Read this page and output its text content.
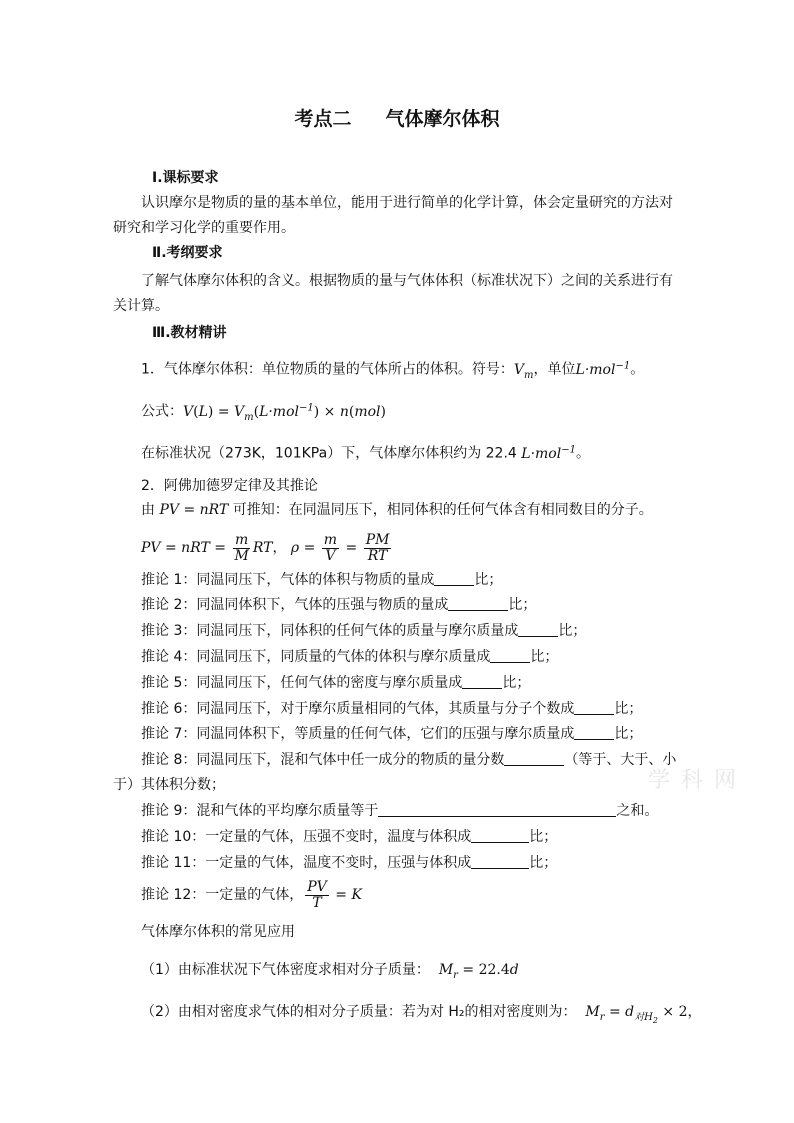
考点二 气体摩尔体积
Ⅰ.课标要求
认识摩尔是物质的量的基本单位，能用于进行简单的化学计算，体会定量研究的方法对
研究和学习化学的重要作用。
Ⅱ.考纲要求
了解气体摩尔体积的含义。根据物质的量与气体体积（标准状况下）之间的关系进行有
关计算。
Ⅲ.教材精讲
1．气体摩尔体积：单位物质的量的气体所占的体积。符号：$V_m$，单位L·mol$^{-1}$。
公式：$V(L) = V_m(L\cdot mol^{-1}) \times n(mol)$
在标准状况（273K，101KPa）下，气体摩尔体积约为 22.4 L·mol$^{-1}$。
2．阿佛加德罗定律及其推论
由 PV = nRT 可推知：在同温同压下，相同体积的任何气体含有相同数目的分子。
PV = nRT = $\frac{m}{M}$ RT ， $\rho = \frac{m}{V} = \frac{PM}{RT}$
推论 1：同温同压下，气体的体积与物质的量成	比；
推论 2：同温同体积下，气体的压强与物质的量成	比；
推论 3：同温同压下，同体积的任何气体的质量与摩尔质量成	比；
推论 4：同温同压下，同质量的气体的体积与摩尔质量成	比；
推论 5：同温同压下，任何气体的密度与摩尔质量成	比；
推论 6：同温同压下，对于摩尔质量相同的气体，其质量与分子个数成	比；
推论 7：同温同体积下，等质量的任何气体，它们的压强与摩尔质量成	比；
推论 8：同温同压下，混和气体中任一成分的物质的量分数	（等于、大于、小
于）其体积分数；
推论 9：混和气体的平均摩尔质量等于	之和。
推论 10：一定量的气体，压强不变时，温度与体积成	比；
推论 11：一定量的气体，温度不变时，压强与体积成	比；
推论 12：一定量的气体， $\frac{PV}{T} = K$
气体摩尔体积的常见应用
（1）由标准状况下气体密度求相对分子质量： $M_r = 22.4d$
（2）由相对密度求气体的相对分子质量：若为对 H₂的相对密度则为： $M_r = d_{对H_2} \times 2$，
学 科 网
